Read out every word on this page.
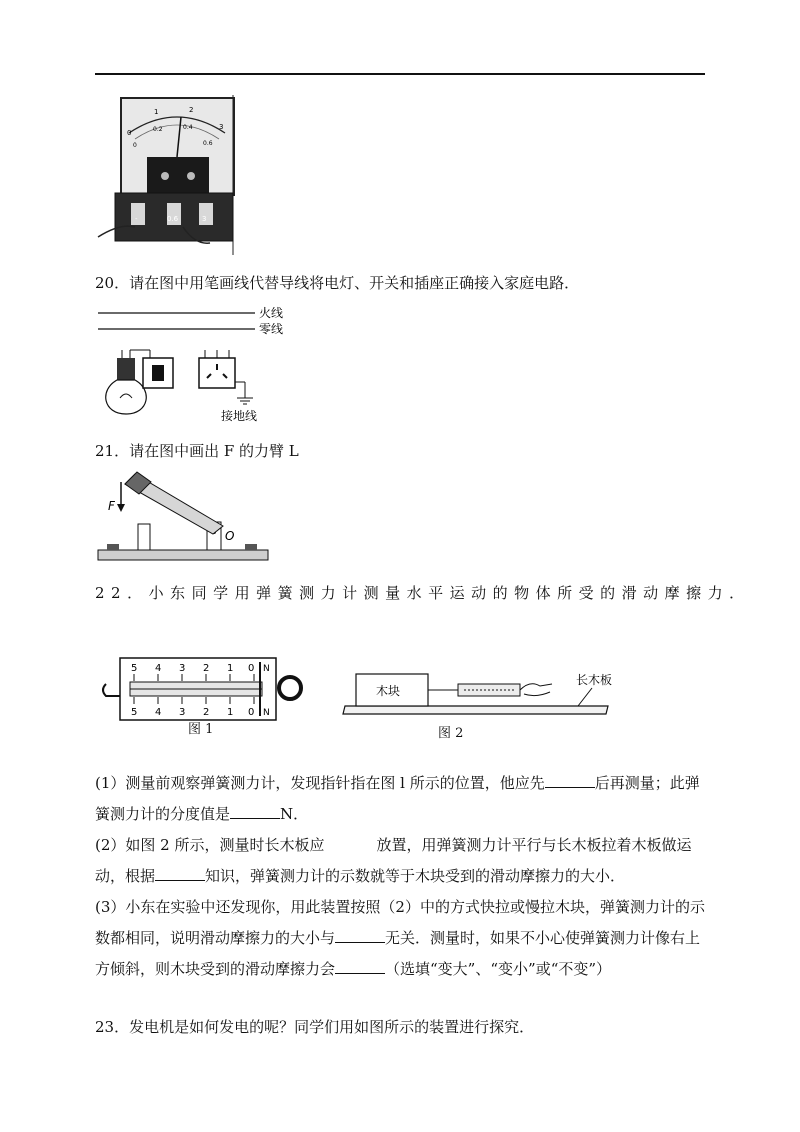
0
1	2
3
0
0.2	0.4
0.6
-	0.6	3
20．请在图中用笔画线代替导线将电灯、开关和插座正确接入家庭电路．
火线
零线
接地线
21．请在图中画出 F 的力臂 L
F
O
22．小东同学用弹簧测力计测量水平运动的物体所受的滑动摩擦力．
5 4 3 2 1 0 N
5 4 3 2 1 0 N
图 1
木块
长木板
图 2
(1）测量前观察弹簧测力计，发现指针指在图 l 所示的位置，他应先	后再测量；此弹簧测力计的分度值是	N．
(2）如图 2 所示，测量时长木板应	放置，用弹簧测力计平行与长木板拉着木板做运动，根据	知识，弹簧测力计的示数就等于木块受到的滑动摩擦力的大小．
(3）小东在实验中还发现你，用此装置按照（2）中的方式快拉或慢拉木块，弹簧测力计的示数都相同，说明滑动摩擦力的大小与	无关．测量时，如果不小心使弹簧测力计像右上方倾斜，则木块受到的滑动摩擦力会	（选填“变大”、“变小”或“不变”）
23．发电机是如何发电的呢？同学们用如图所示的装置进行探究．
